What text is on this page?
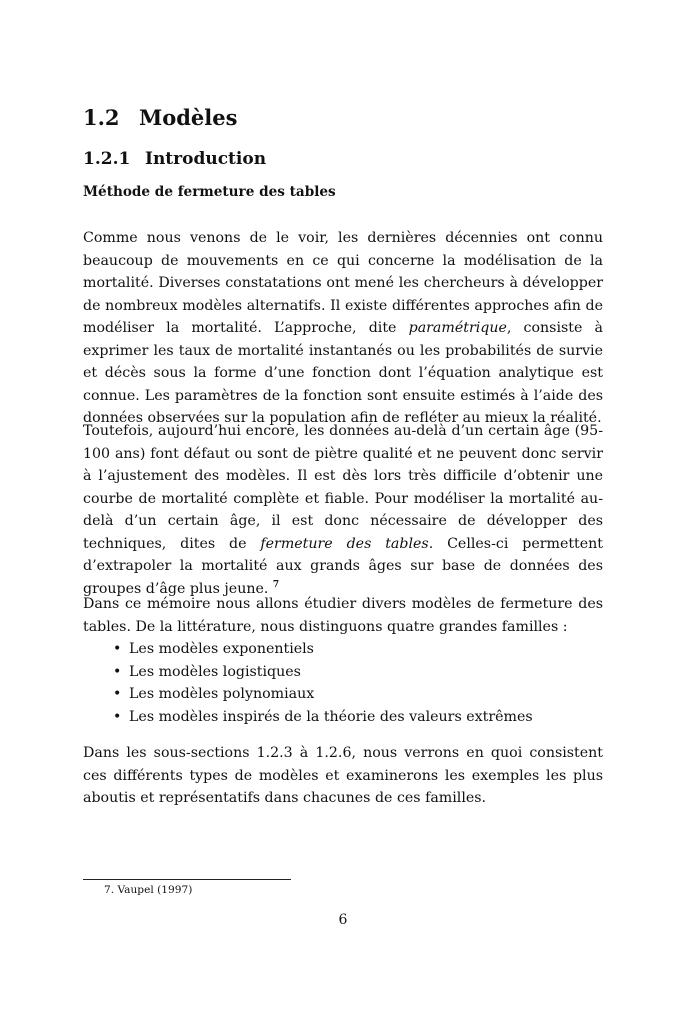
1.2 Modèles
1.2.1 Introduction
Méthode de fermeture des tables

Comme nous venons de le voir, les dernières décennies ont connu beaucoup de mouvements en ce qui concerne la modélisation de la mortalité. Diverses constatations ont mené les chercheurs à développer de nombreux modèles alternatifs. Il existe différentes approches afin de modéliser la mortalité. L’approche, dite paramétrique, consiste à exprimer les taux de mortalité instantanés ou les probabilités de survie et décès sous la forme d’une fonction dont l’équation analytique est connue. Les paramètres de la fonction sont ensuite estimés à l’aide des données observées sur la population afin de refléter au mieux la réalité.

Toutefois, aujourd’hui encore, les données au-delà d’un certain âge (95-100 ans) font défaut ou sont de piètre qualité et ne peuvent donc servir à l’ajustement des modèles. Il est dès lors très difficile d’obtenir une courbe de mortalité complète et fiable. Pour modéliser la mortalité au-delà d’un certain âge, il est donc nécessaire de développer des techniques, dites de fermeture des tables. Celles-ci permettent d’extrapoler la mortalité aux grands âges sur base de données des groupes d’âge plus jeune. $^7$

Dans ce mémoire nous allons étudier divers modèles de fermeture des tables. De la littérature, nous distinguons quatre grandes familles :

• Les modèles exponentiels
• Les modèles logistiques
• Les modèles polynomiaux
• Les modèles inspirés de la théorie des valeurs extrêmes

Dans les sous-sections 1.2.3 à 1.2.6, nous verrons en quoi consistent ces différents types de modèles et examinerons les exemples les plus aboutis et représentatifs dans chacunes de ces familles.

7. Vaupel (1997)
6
